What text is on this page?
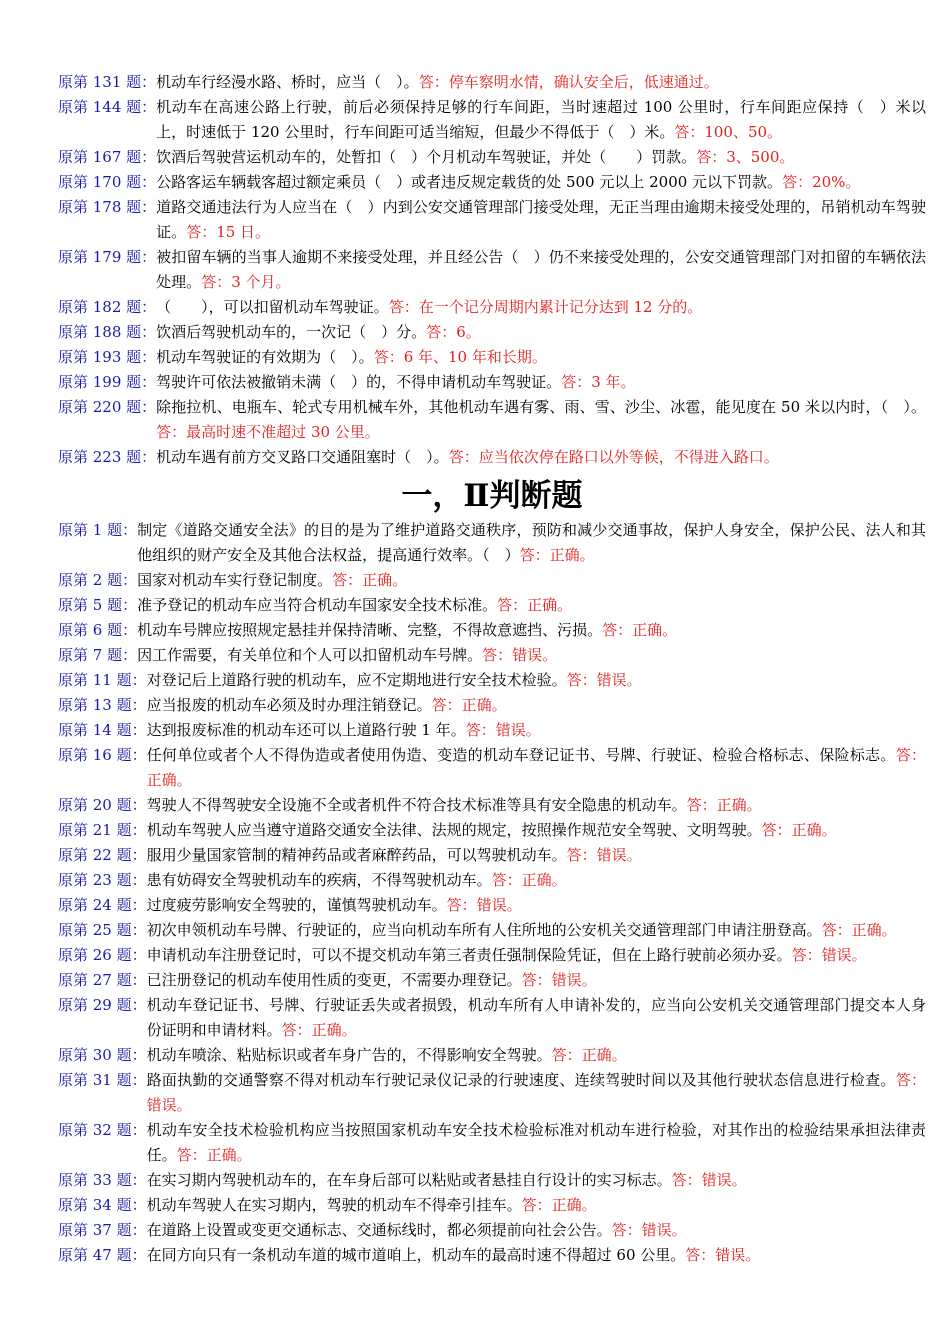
原第 131 题： 机动车行经漫水路、桥时，应当（　）。答：停车察明水情，确认安全后，低速通过。
原第 144 题： 机动车在高速公路上行驶，前后必须保持足够的行车间距，当时速超过 100 公里时，行车间距应保持（　）米以上，时速低于 120 公里时，行车间距可适当缩短，但最少不得低于（　）米。答：100、50。
原第 167 题： 饮酒后驾驶营运机动车的，处暂扣（　）个月机动车驾驶证，并处（　　）罚款。答：3、500。
原第 170 题： 公路客运车辆载客超过额定乘员（　）或者违反规定载货的处 500 元以上 2000 元以下罚款。答：20%。
原第 178 题： 道路交通违法行为人应当在（　）内到公安交通管理部门接受处理，无正当理由逾期未接受处理的，吊销机动车驾驶证。答：15 日。
原第 179 题： 被扣留车辆的当事人逾期不来接受处理，并且经公告（　）仍不来接受处理的，公安交通管理部门对扣留的车辆依法处理。答：3 个月。
原第 182 题： （　　），可以扣留机动车驾驶证。答：在一个记分周期内累计记分达到 12 分的。
原第 188 题： 饮酒后驾驶机动车的，一次记（　）分。答：6。
原第 193 题： 机动车驾驶证的有效期为（　）。答：6 年、10 年和长期。
原第 199 题： 驾驶许可依法被撤销未满（　）的，不得申请机动车驾驶证。答：3 年。
原第 220 题： 除拖拉机、电瓶车、轮式专用机械车外，其他机动车遇有雾、雨、雪、沙尘、冰雹，能见度在 50 米以内时，（　）。答：最高时速不准超过 30 公里。
原第 223 题： 机动车遇有前方交叉路口交通阻塞时（　）。答：应当依次停在路口以外等候，不得进入路口。
一，Ⅱ判断题
原第 1 题： 制定《道路交通安全法》的目的是为了维护道路交通秩序，预防和减少交通事故，保护人身安全，保护公民、法人和其他组织的财产安全及其他合法权益，提高通行效率。（　）答：正确。
原第 2 题： 国家对机动车实行登记制度。答：正确。
原第 5 题： 准予登记的机动车应当符合机动车国家安全技术标准。答：正确。
原第 6 题： 机动车号牌应按照规定悬挂并保持清晰、完整，不得故意遮挡、污损。答：正确。
原第 7 题： 因工作需要，有关单位和个人可以扣留机动车号牌。答：错误。
原第 11 题： 对登记后上道路行驶的机动车，应不定期地进行安全技术检验。答：错误。
原第 13 题： 应当报废的机动车必须及时办理注销登记。答：正确。
原第 14 题： 达到报废标准的机动车还可以上道路行驶 1 年。答：错误。
原第 16 题： 任何单位或者个人不得伪造或者使用伪造、变造的机动车登记证书、号牌、行驶证、检验合格标志、保险标志。答：正确。
原第 20 题： 驾驶人不得驾驶安全设施不全或者机件不符合技术标准等具有安全隐患的机动车。答：正确。
原第 21 题： 机动车驾驶人应当遵守道路交通安全法律、法规的规定，按照操作规范安全驾驶、文明驾驶。答：正确。
原第 22 题： 服用少量国家管制的精神药品或者麻醉药品，可以驾驶机动车。答：错误。
原第 23 题： 患有妨碍安全驾驶机动车的疾病，不得驾驶机动车。答：正确。
原第 24 题： 过度疲劳影响安全驾驶的，谨慎驾驶机动车。答：错误。
原第 25 题： 初次申领机动车号牌、行驶证的，应当向机动车所有人住所地的公安机关交通管理部门申请注册登高。答：正确。
原第 26 题： 申请机动车注册登记时，可以不提交机动车第三者责任强制保险凭证，但在上路行驶前必须办妥。答：错误。
原第 27 题： 已注册登记的机动车使用性质的变更，不需要办理登记。答：错误。
原第 29 题： 机动车登记证书、号牌、行驶证丢失或者损毁，机动车所有人申请补发的，应当向公安机关交通管理部门提交本人身份证明和申请材料。答：正确。
原第 30 题： 机动车喷涂、粘贴标识或者车身广告的，不得影响安全驾驶。答：正确。
原第 31 题： 路面执勤的交通警察不得对机动车行驶记录仪记录的行驶速度、连续驾驶时间以及其他行驶状态信息进行检查。答：错误。
原第 32 题： 机动车安全技术检验机构应当按照国家机动车安全技术检验标准对机动车进行检验，对其作出的检验结果承担法律责任。答：正确。
原第 33 题： 在实习期内驾驶机动车的，在车身后部可以粘贴或者悬挂自行设计的实习标志。答：错误。
原第 34 题： 机动车驾驶人在实习期内，驾驶的机动车不得牵引挂车。答：正确。
原第 37 题： 在道路上设置或变更交通标志、交通标线时，都必须提前向社会公告。答：错误。
原第 47 题： 在同方向只有一条机动车道的城市道咱上，机动车的最高时速不得超过 60 公里。答：错误。
